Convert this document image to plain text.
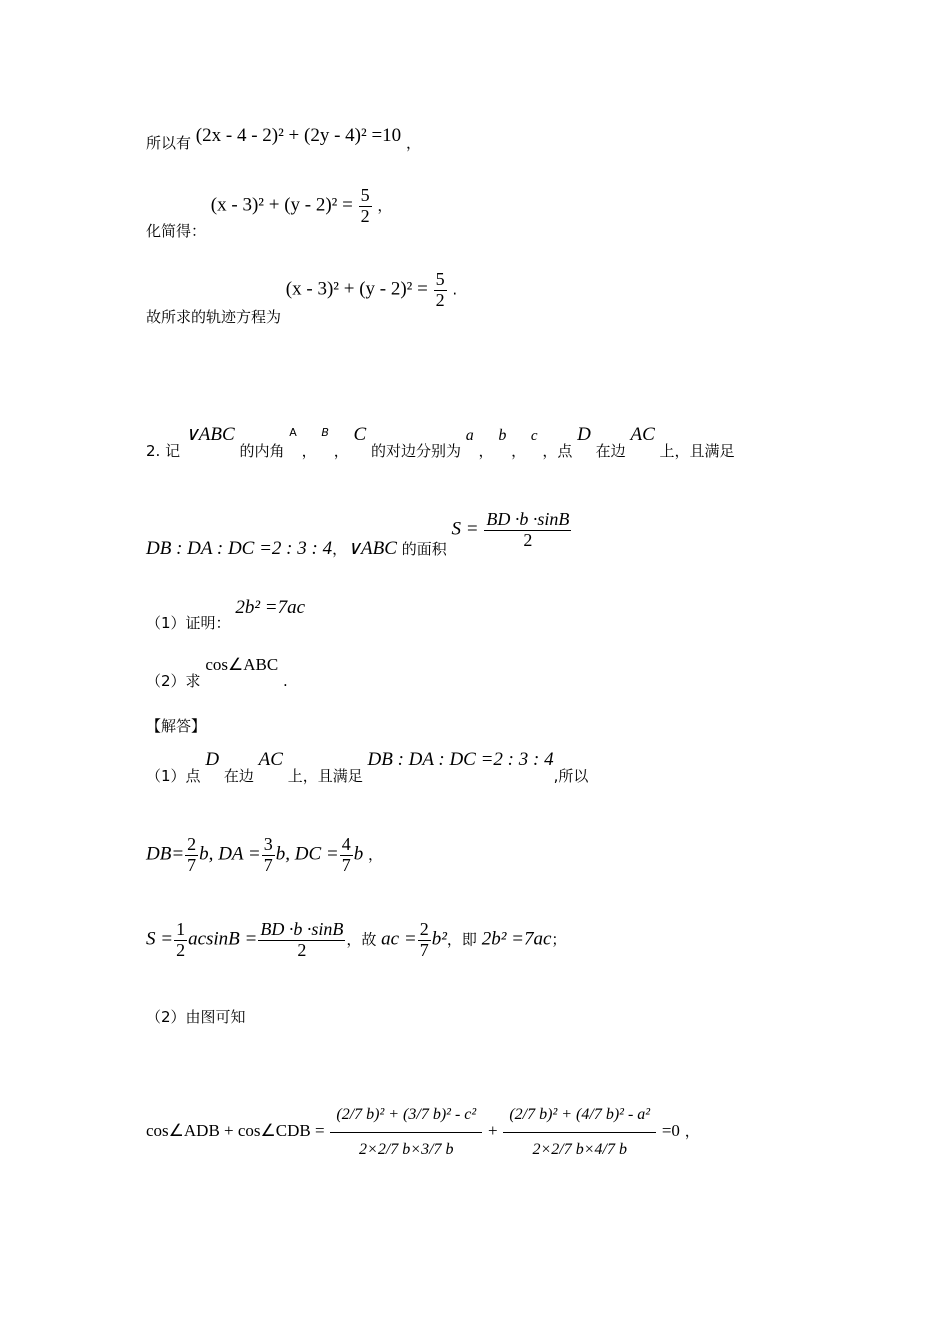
所以有 (2x - 4 - 2)² + (2y - 4)² =10 ，
化简得： $(x - 3)^2 + (y - 2)^2 = \frac{5}{2}$ ，
故所求的轨迹方程为 $(x - 3)^2 + (y - 2)^2 = \frac{5}{2}$ .
2. 记 ∨ABC 的内角 $^A$ ， $^B$ ， C 的对边分别为 a ， b ， c ，点 D 在边 AC 上，且满足
DB : DA : DC =2 : 3 : 4，∨ABC 的面积 $S = \frac{BD \cdot b \cdot\sin B}{2}$
（1）证明： 2b² =7ac
（2）求 cos∠ABC .
【解答】
（1）点 D 在边 AC 上，且满足 DB : DA : DC =2 : 3 : 4,所以
$DB= \frac{2}{7} b$, DA = $\frac{3}{7} b$, DC = $\frac{4}{7}$ b ，
$S = \frac{1}{2}$ $acsinB = \frac{BD \cdot b \cdot\sin B}{2}$ ，故 ac = $\frac{2}{7} b^2$，即 2b² =7ac；
（2）由图可知
cos∠ADB + cos∠CDB = $\frac{\text{(2/7 b)² + (3/7 b)² - c²}}{2\times 2/7 b\times 3/7 b} + \frac{\text{(2/7 b)² + (4/7 b)² - a²}}{2\times 2/7 b\times 4/7 b} =0$ ，
